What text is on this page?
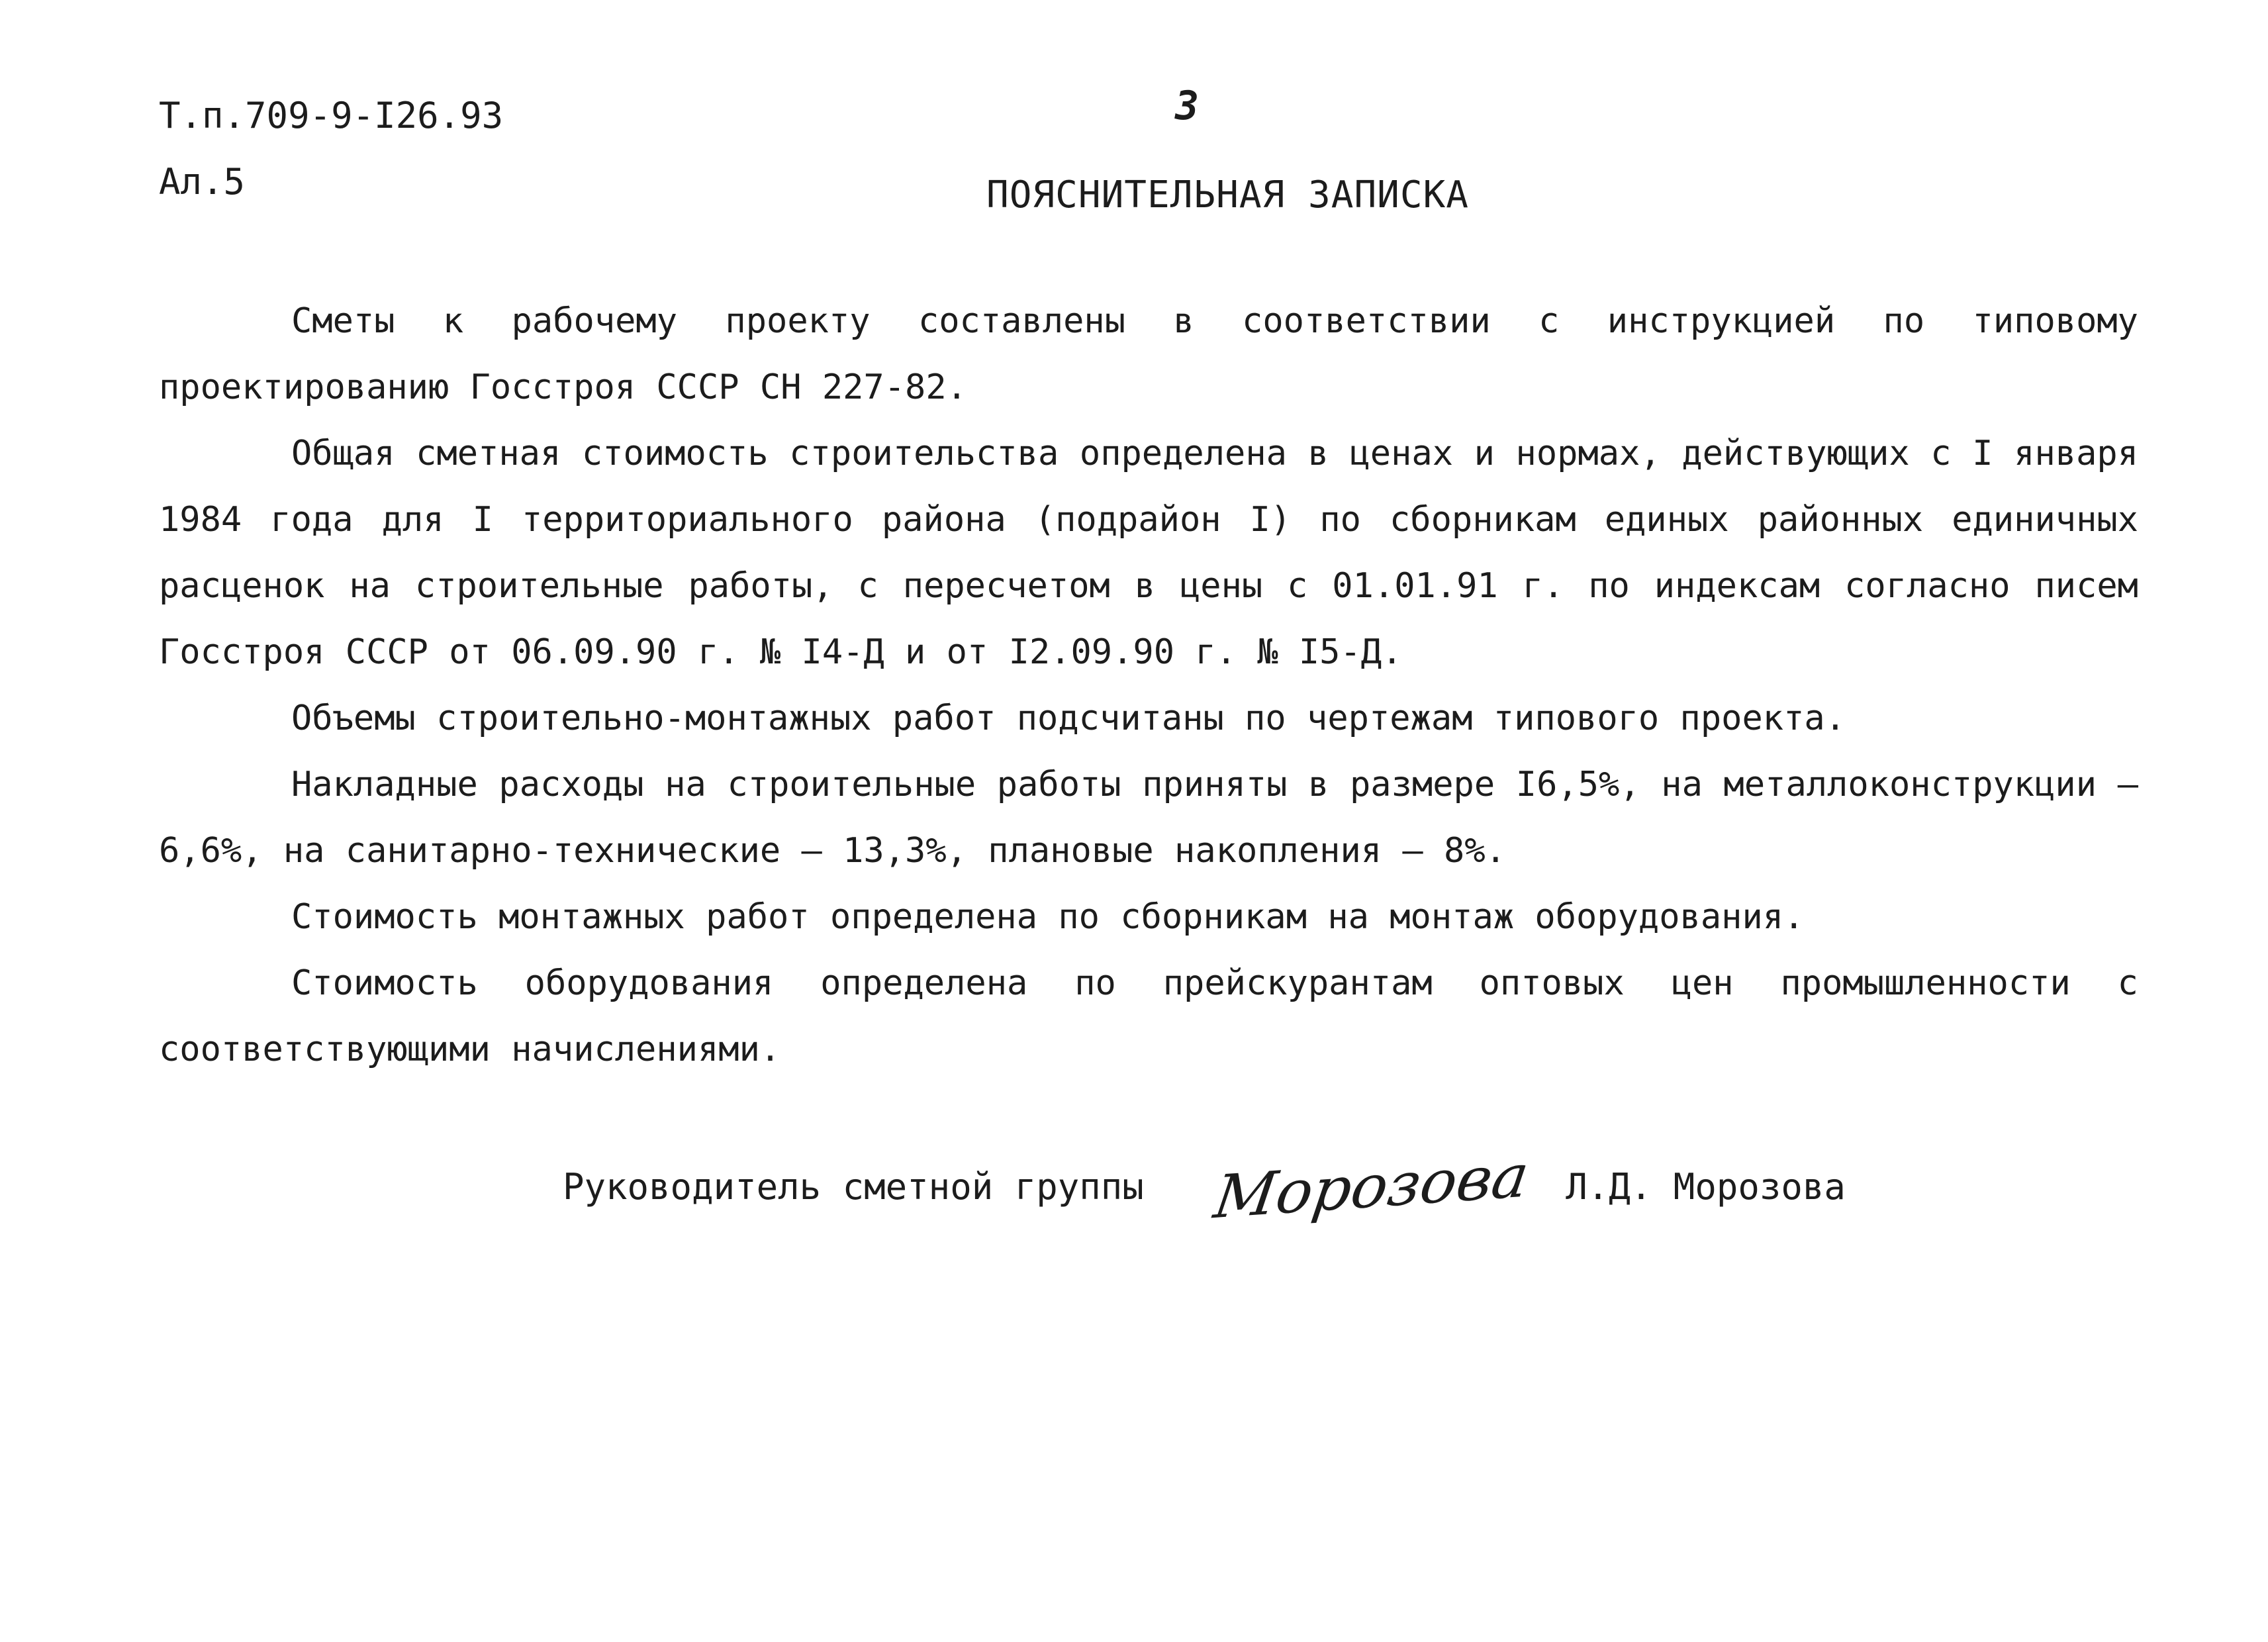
Т.п.709-9-I26.93
Ал.5
3
ПОЯСНИТЕЛЬНАЯ ЗАПИСКА

Сметы к рабочему проекту составлены в соответствии с инструкцией по типовому проектированию Госстроя СССР СН 227-82.

Общая сметная стоимость строительства определена в ценах и нормах, действующих с I января 1984 года для I территориального района (подрайон I) по сборникам единых районных единичных расценок на строительные работы, с пересчетом в цены с 01.01.91 г. по индексам согласно писем Госстроя СССР от 06.09.90 г. № I4-Д и от I2.09.90 г. № I5-Д.

Объемы строительно-монтажных работ подсчитаны по чертежам типового проекта.

Накладные расходы на строительные работы приняты в размере I6,5%, на металлоконструкции – 6,6%, на санитарно-технические – 13,3%, плановые накопления – 8%.

Стоимость монтажных работ определена по сборникам на монтаж оборудования.

Стоимость оборудования определена по прейскурантам оптовых цен промышленности с соответствующими начислениями.

Руководитель сметной группы Морозова Л.Д. Морозова
